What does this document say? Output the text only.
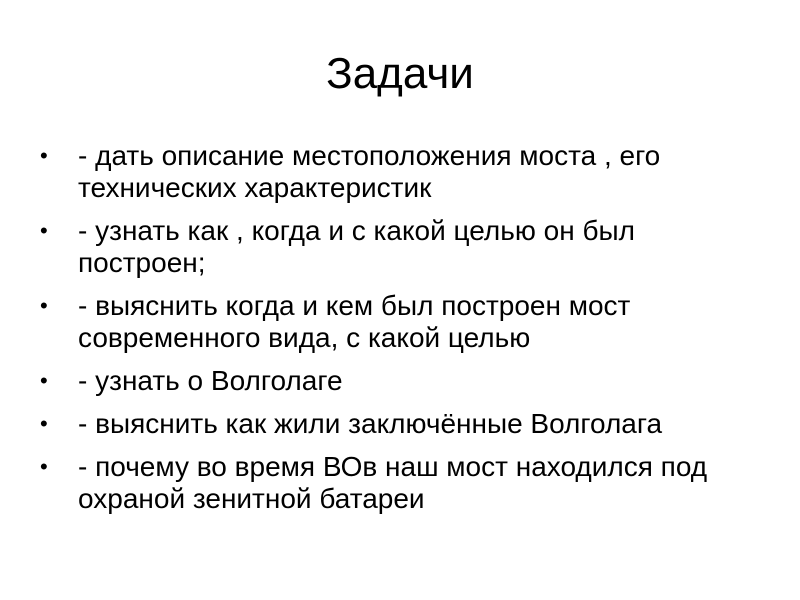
Задачи
•	- дать описание местоположения моста , его технических характеристик
•	- узнать как , когда и с какой целью он был построен;
•	- выяснить когда и кем был построен мост современного вида, с какой целью
•	- узнать о Волголаге
•	- выяснить как жили заключённые Волголага
•	- почему во время ВОв наш мост находился под охраной зенитной батареи
